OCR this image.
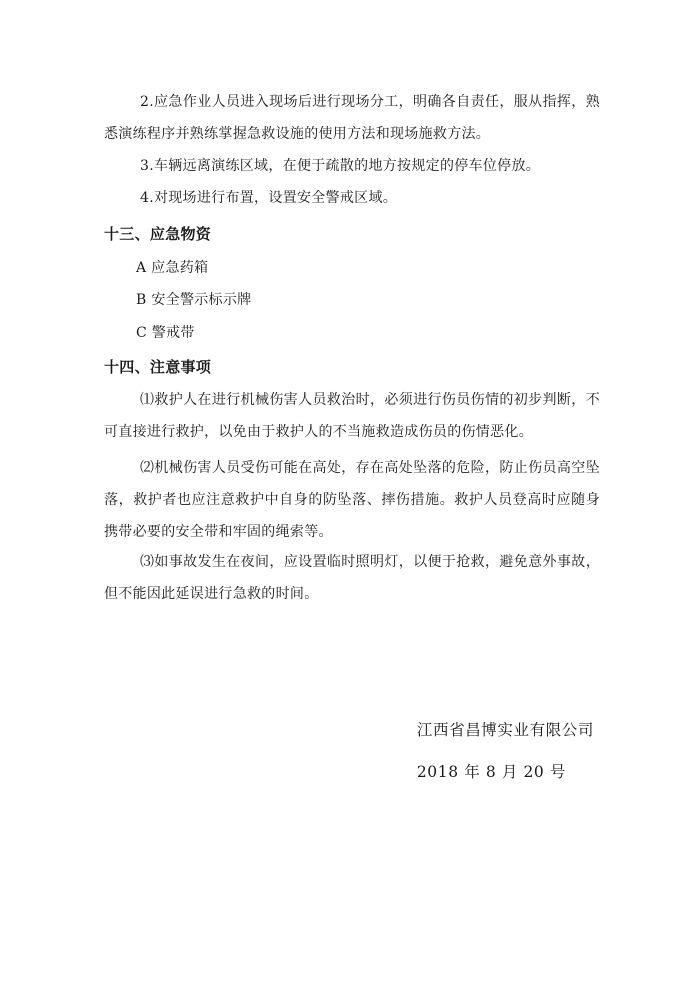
2.应急作业人员进入现场后进行现场分工，明确各自责任，服从指挥，熟悉演练程序并熟练掌握急救设施的使用方法和现场施救方法。

3.车辆远离演练区域，在便于疏散的地方按规定的停车位停放。

4.对现场进行布置，设置安全警戒区域。

十三、应急物资

A 应急药箱

B 安全警示标示牌

C 警戒带

十四、注意事项

⑴救护人在进行机械伤害人员救治时，必须进行伤员伤情的初步判断，不可直接进行救护，以免由于救护人的不当施救造成伤员的伤情恶化。

⑵机械伤害人员受伤可能在高处，存在高处坠落的危险，防止伤员高空坠落，救护者也应注意救护中自身的防坠落、摔伤措施。救护人员登高时应随身携带必要的安全带和牢固的绳索等。

⑶如事故发生在夜间，应设置临时照明灯，以便于抢救，避免意外事故，但不能因此延误进行急救的时间。

江西省昌博实业有限公司
2018 年 8 月 20 号
